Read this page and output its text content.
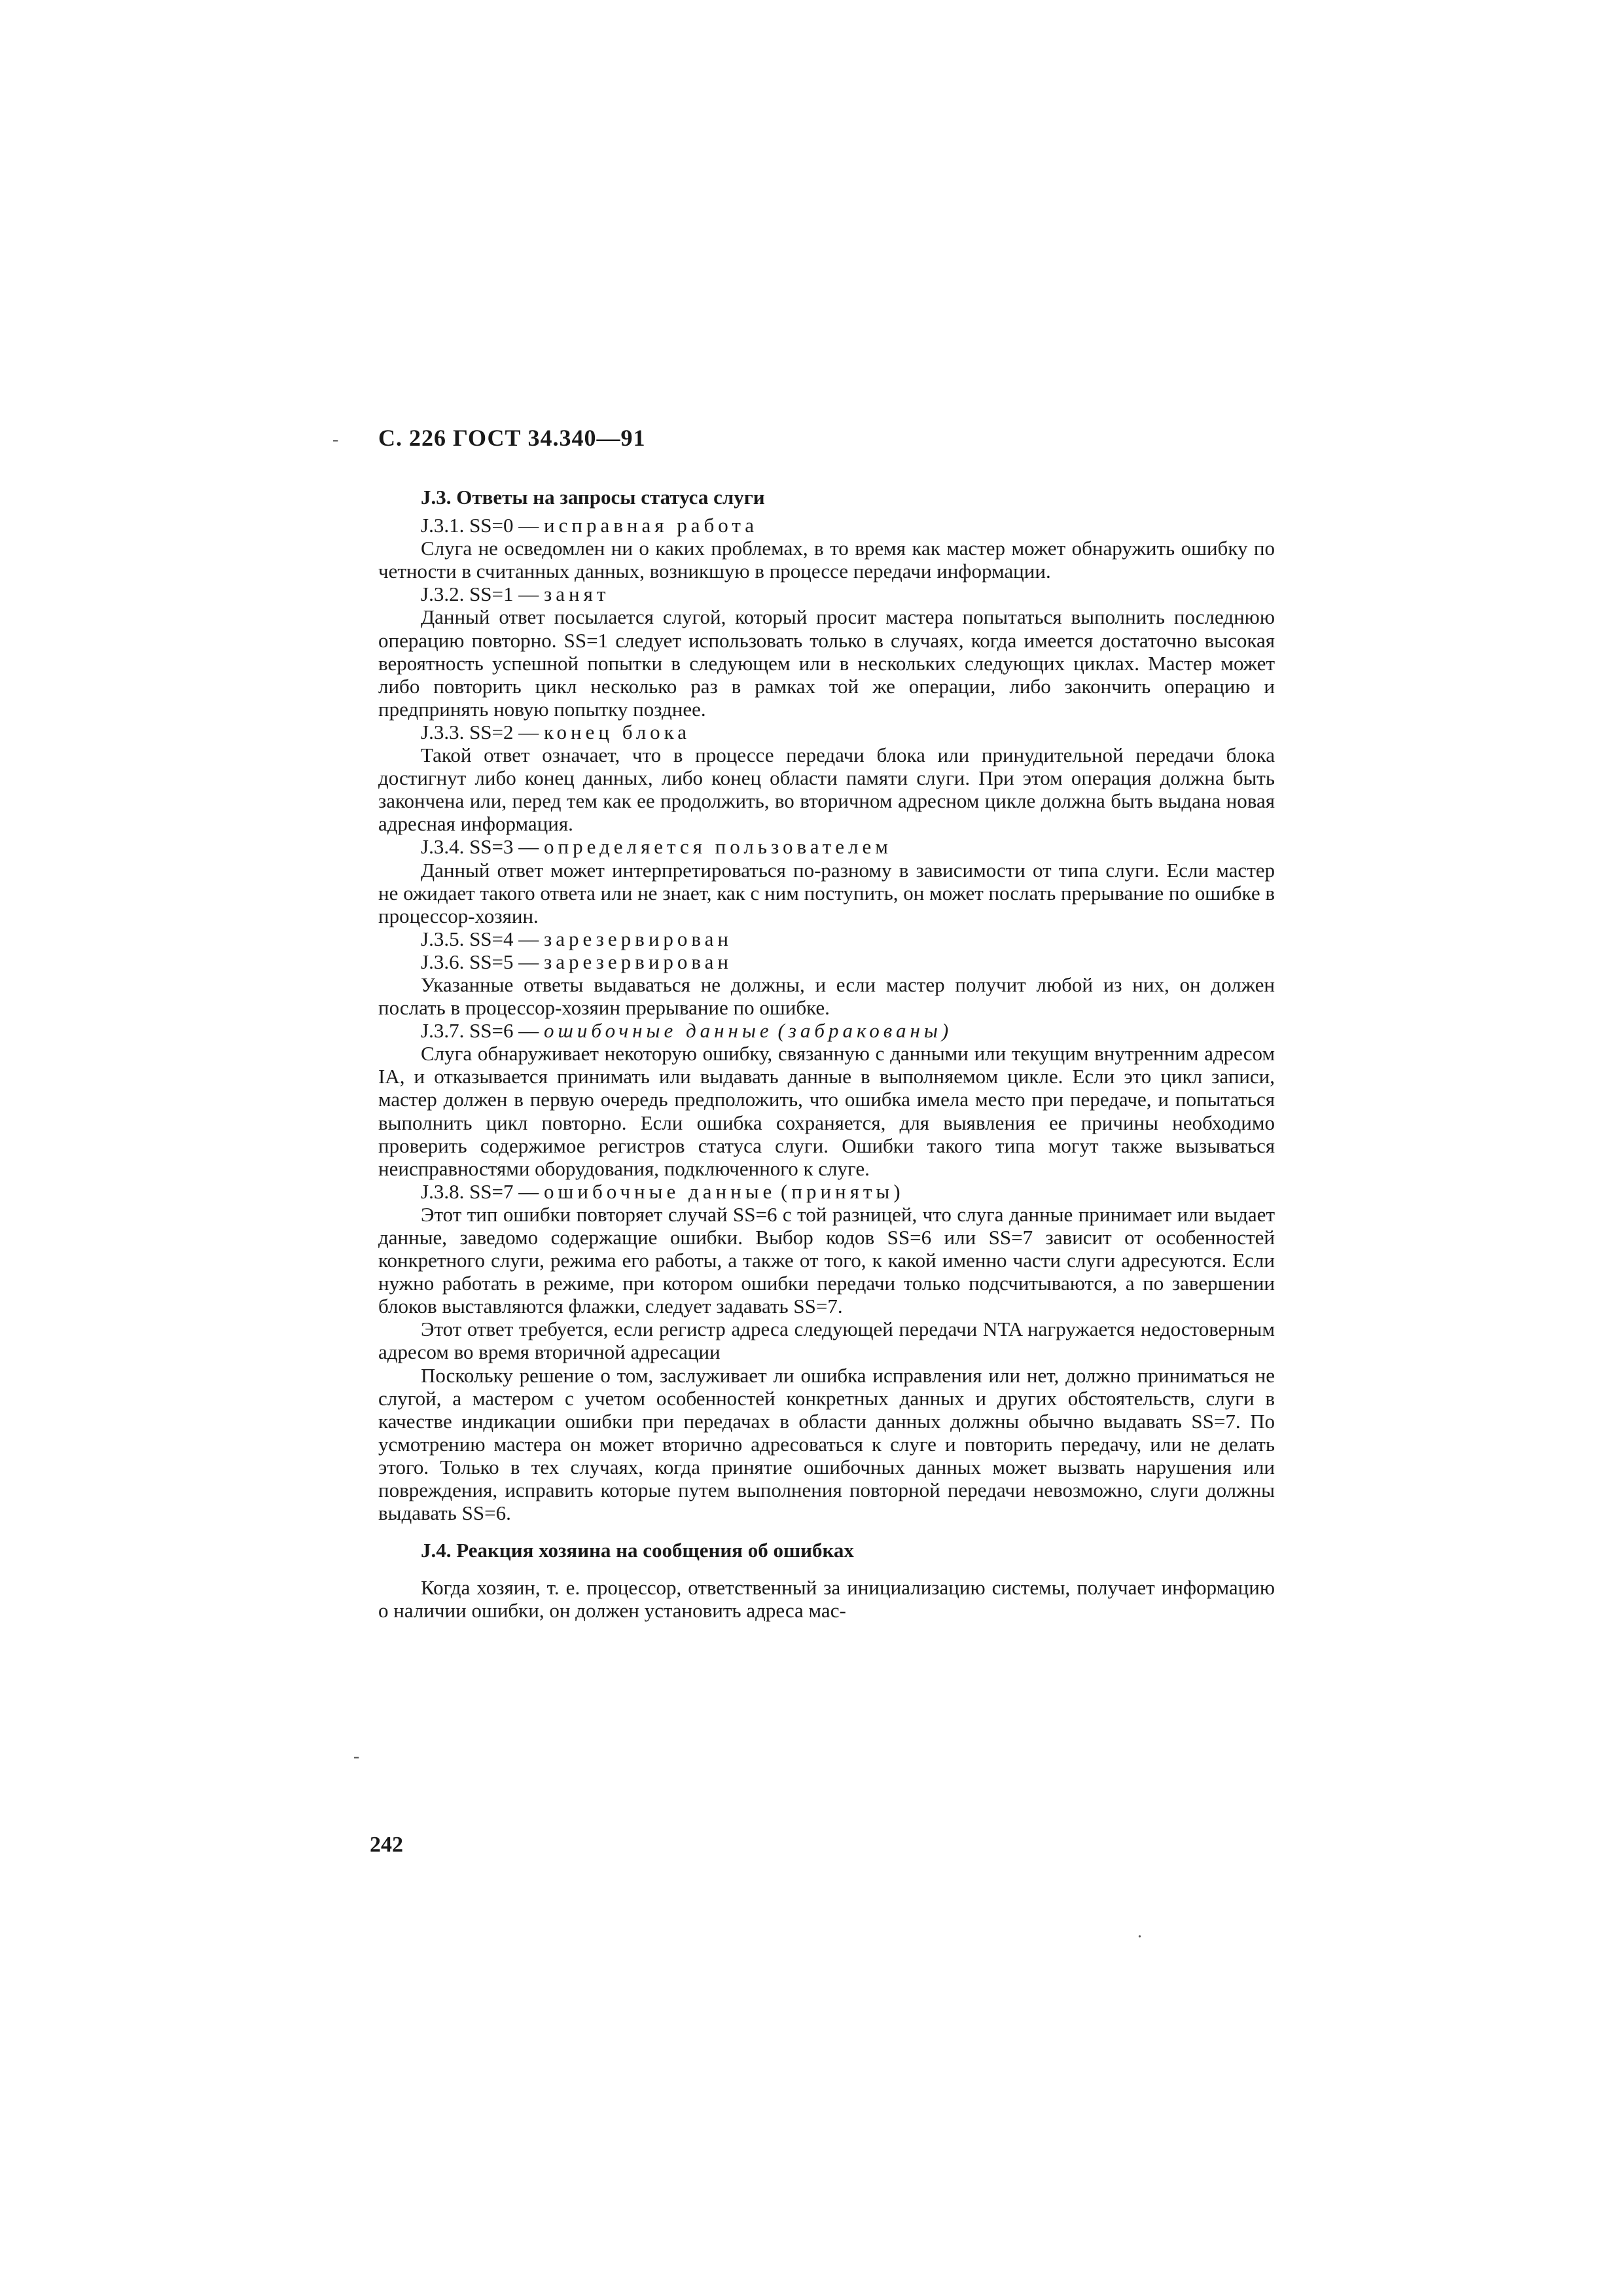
С. 226 ГОСТ 34.340—91

J.3. Ответы на запросы статуса слуги

J.3.1. SS=0 — исправная работа

Слуга не осведомлен ни о каких проблемах, в то время как мастер может обнаружить ошибку по четности в считанных данных, возникшую в процессе передачи информации.

J.3.2. SS=1 — занят

Данный ответ посылается слугой, который просит мастера попытаться выполнить последнюю операцию повторно. SS=1 следует использовать только в случаях, когда имеется достаточно высокая вероятность успешной попытки в следующем или в нескольких следующих циклах. Мастер может либо повторить цикл несколько раз в рамках той же операции, либо закончить операцию и предпринять новую попытку позднее.

J.3.3. SS=2 — конец блока

Такой ответ означает, что в процессе передачи блока или принудительной передачи блока достигнут либо конец данных, либо конец области памяти слуги. При этом операция должна быть закончена или, перед тем как ее продолжить, во вторичном адресном цикле должна быть выдана новая адресная информация.

J.3.4. SS=3 — определяется пользователем

Данный ответ может интерпретироваться по-разному в зависимости от типа слуги. Если мастер не ожидает такого ответа или не знает, как с ним поступить, он может послать прерывание по ошибке в процессор-хозяин.

J.3.5. SS=4 — зарезервирован

J.3.6. SS=5 — зарезервирован

Указанные ответы выдаваться не должны, и если мастер получит любой из них, он должен послать в процессор-хозяин прерывание по ошибке.

J.3.7. SS=6 — ошибочные данные (забракованы)

Слуга обнаруживает некоторую ошибку, связанную с данными или текущим внутренним адресом IA, и отказывается принимать или выдавать данные в выполняемом цикле. Если это цикл записи, мастер должен в первую очередь предположить, что ошибка имела место при передаче, и попытаться выполнить цикл повторно. Если ошибка сохраняется, для выявления ее причины необходимо проверить содержимое регистров статуса слуги. Ошибки такого типа могут также вызываться неисправностями оборудования, подключенного к слуге.

J.3.8. SS=7 — ошибочные данные (приняты)

Этот тип ошибки повторяет случай SS=6 с той разницей, что слуга данные принимает или выдает данные, заведомо содержащие ошибки. Выбор кодов SS=6 или SS=7 зависит от особенностей конкретного слуги, режима его работы, а также от того, к какой именно части слуги адресуются. Если нужно работать в режиме, при котором ошибки передачи только подсчитываются, а по завершении блоков выставляются флажки, следует задавать SS=7.

Этот ответ требуется, если регистр адреса следующей передачи NTA нагружается недостоверным адресом во время вторичной адресации

Поскольку решение о том, заслуживает ли ошибка исправления или нет, должно приниматься не слугой, а мастером с учетом особенностей конкретных данных и других обстоятельств, слуги в качестве индикации ошибки при передачах в области данных должны обычно выдавать SS=7. По усмотрению мастера он может вторично адресоваться к слуге и повторить передачу, или не делать этого. Только в тех случаях, когда принятие ошибочных данных может вызвать нарушения или повреждения, исправить которые путем выполнения повторной передачи невозможно, слуги должны выдавать SS=6.

J.4. Реакция хозяина на сообщения об ошибках

Когда хозяин, т. е. процессор, ответственный за инициализацию системы, получает информацию о наличии ошибки, он должен установить адреса мас-

242
-
-
.
